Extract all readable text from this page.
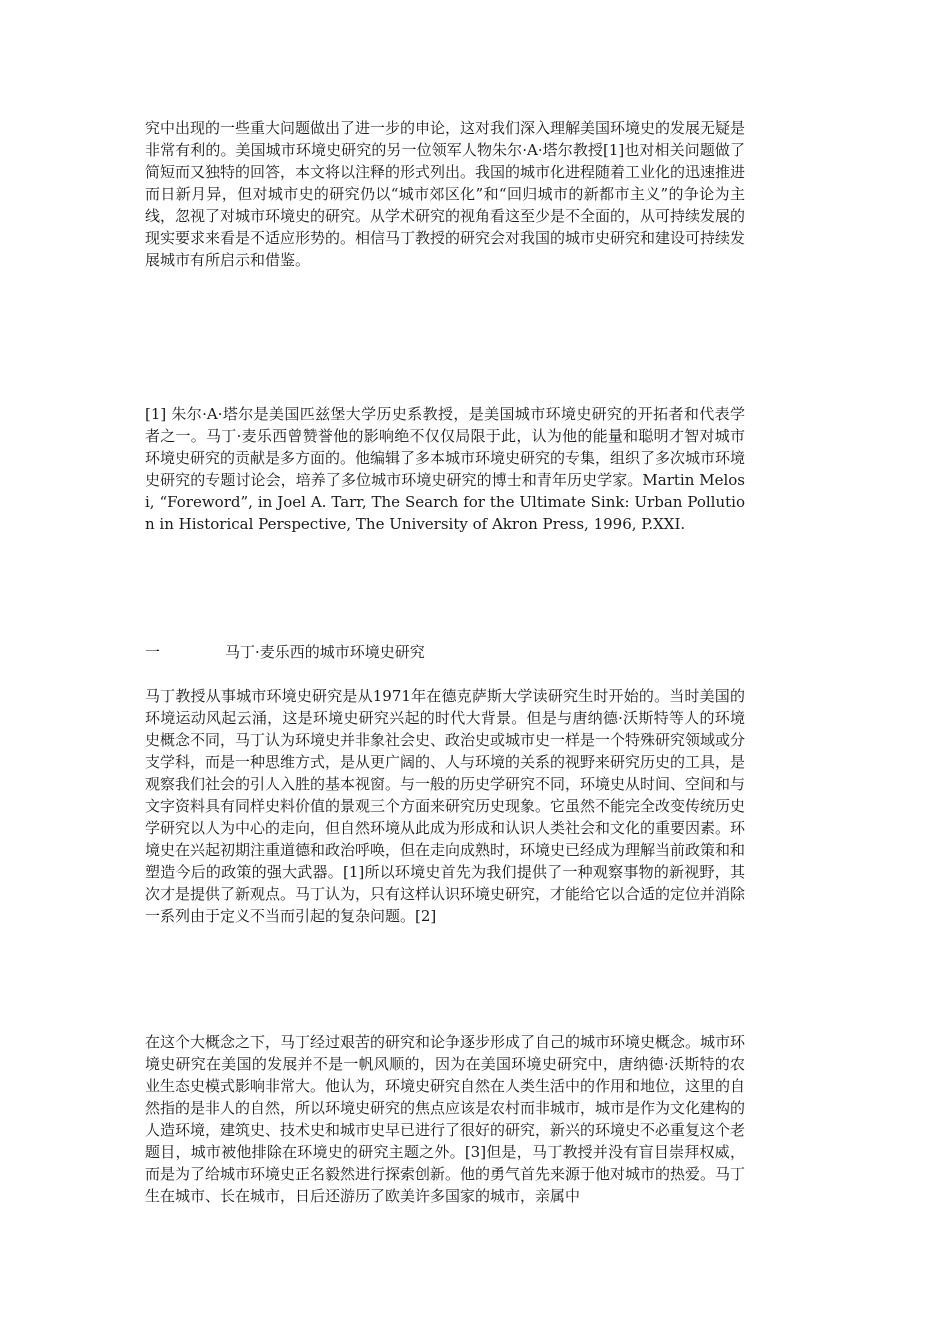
究中出现的一些重大问题做出了进一步的申论，这对我们深入理解美国环境史的发展无疑是非常有利的。美国城市环境史研究的另一位领军人物朱尔·A·塔尔教授[1]也对相关问题做了简短而又独特的回答，本文将以注释的形式列出。我国的城市化进程随着工业化的迅速推进而日新月异，但对城市史的研究仍以“城市郊区化”和“回归城市的新都市主义”的争论为主线，忽视了对城市环境史的研究。从学术研究的视角看这至少是不全面的，从可持续发展的现实要求来看是不适应形势的。相信马丁教授的研究会对我国的城市史研究和建设可持续发展城市有所启示和借鉴。

[1] 朱尔·A·塔尔是美国匹兹堡大学历史系教授，是美国城市环境史研究的开拓者和代表学者之一。马丁·麦乐西曾赞誉他的影响绝不仅仅局限于此，认为他的能量和聪明才智对城市环境史研究的贡献是多方面的。他编辑了多本城市环境史研究的专集，组织了多次城市环境史研究的专题讨论会，培养了多位城市环境史研究的博士和青年历史学家。Martin Melosi, “Foreword”, in Joel A. Tarr, The Search for the Ultimate Sink: Urban Pollution in Historical Perspective, The University of Akron Press, 1996, P.XXI.

一	马丁·麦乐西的城市环境史研究

马丁教授从事城市环境史研究是从1971年在德克萨斯大学读研究生时开始的。当时美国的环境运动风起云涌，这是环境史研究兴起的时代大背景。但是与唐纳德·沃斯特等人的环境史概念不同，马丁认为环境史并非象社会史、政治史或城市史一样是一个特殊研究领域或分支学科，而是一种思维方式，是从更广阔的、人与环境的关系的视野来研究历史的工具，是观察我们社会的引人入胜的基本视窗。与一般的历史学研究不同，环境史从时间、空间和与文字资料具有同样史料价值的景观三个方面来研究历史现象。它虽然不能完全改变传统历史学研究以人为中心的走向，但自然环境从此成为形成和认识人类社会和文化的重要因素。环境史在兴起初期注重道德和政治呼唤，但在走向成熟时，环境史已经成为理解当前政策和和塑造今后的政策的强大武器。[1]所以环境史首先为我们提供了一种观察事物的新视野，其次才是提供了新观点。马丁认为，只有这样认识环境史研究，才能给它以合适的定位并消除一系列由于定义不当而引起的复杂问题。[2]

在这个大概念之下，马丁经过艰苦的研究和论争逐步形成了自己的城市环境史概念。城市环境史研究在美国的发展并不是一帆风顺的，因为在美国环境史研究中，唐纳德·沃斯特的农业生态史模式影响非常大。他认为，环境史研究自然在人类生活中的作用和地位，这里的自然指的是非人的自然，所以环境史研究的焦点应该是农村而非城市，城市是作为文化建构的人造环境，建筑史、技术史和城市史早已进行了很好的研究，新兴的环境史不必重复这个老题目，城市被他排除在环境史的研究主题之外。[3]但是，马丁教授并没有盲目崇拜权威，而是为了给城市环境史正名毅然进行探索创新。他的勇气首先来源于他对城市的热爱。马丁生在城市、长在城市，日后还游历了欧美许多国家的城市，亲属中
